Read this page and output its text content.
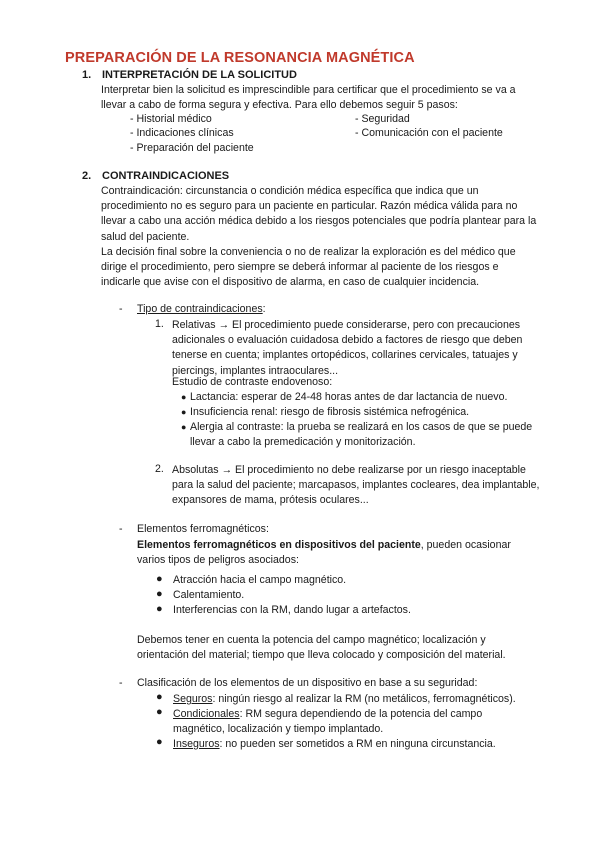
PREPARACIÓN DE LA RESONANCIA MAGNÉTICA
1. INTERPRETACIÓN DE LA SOLICITUD
Interpretar bien la solicitud es imprescindible para certificar que el procedimiento se va a llevar a cabo de forma segura y efectiva. Para ello debemos seguir 5 pasos:
- Historial médico
- Indicaciones clínicas
- Preparación del paciente
- Seguridad
- Comunicación con el paciente
2. CONTRAINDICACIONES
Contraindicación: circunstancia o condición médica específica que indica que un procedimiento no es seguro para un paciente en particular. Razón médica válida para no llevar a cabo una acción médica debido a los riesgos potenciales que podría plantear para la salud del paciente.
La decisión final sobre la conveniencia o no de realizar la exploración es del médico que dirige el procedimiento, pero siempre se deberá informar al paciente de los riesgos e indicarle que avise con el dispositivo de alarma, en caso de cualquier incidencia.
- Tipo de contraindicaciones:
1. Relativas → El procedimiento puede considerarse, pero con precauciones adicionales o evaluación cuidadosa debido a factores de riesgo que deben tenerse en cuenta; implantes ortopédicos, collarines cervicales, tatuajes y piercings, implantes intraoculares...
Estudio de contraste endovenoso:
● Lactancia: esperar de 24-48 horas antes de dar lactancia de nuevo.
● Insuficiencia renal: riesgo de fibrosis sistémica nefrogénica.
● Alergia al contraste: la prueba se realizará en los casos de que se puede llevar a cabo la premedicación y monitorización.
2. Absolutas → El procedimiento no debe realizarse por un riesgo inaceptable para la salud del paciente; marcapasos, implantes cocleares, dea implantable, expansores de mama, prótesis oculares...
- Elementos ferromagnéticos:
Elementos ferromagnéticos en dispositivos del paciente, pueden ocasionar varios tipos de peligros asociados:
● Atracción hacia el campo magnético.
● Calentamiento.
● Interferencias con la RM, dando lugar a artefactos.
Debemos tener en cuenta la potencia del campo magnético; localización y orientación del material; tiempo que lleva colocado y composición del material.
- Clasificación de los elementos de un dispositivo en base a su seguridad:
● Seguros: ningún riesgo al realizar la RM (no metálicos, ferromagnéticos).
● Condicionales: RM segura dependiendo de la potencia del campo magnético, localización y tiempo implantado.
● Inseguros: no pueden ser sometidos a RM en ninguna circunstancia.
